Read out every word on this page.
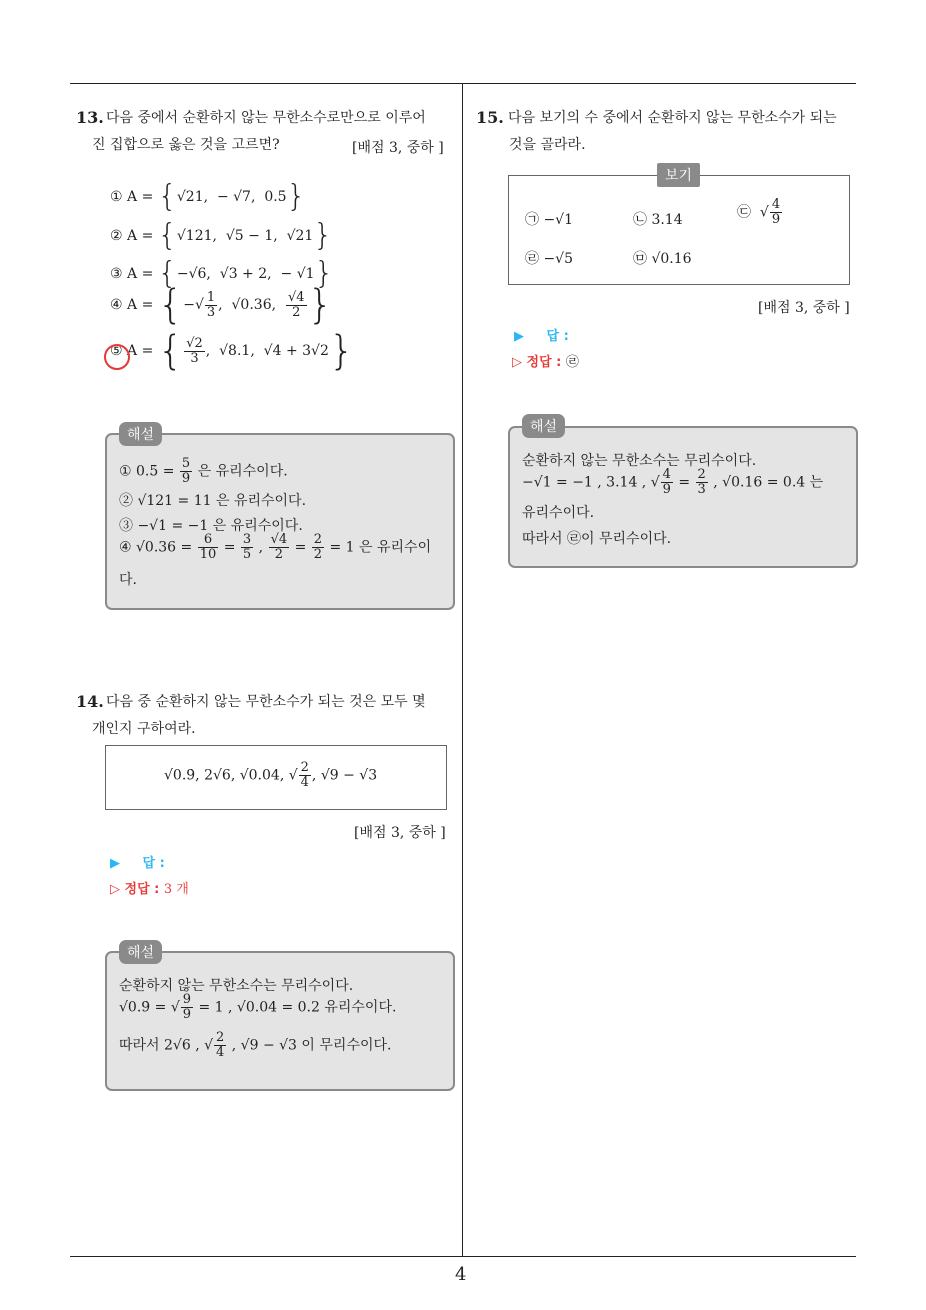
4
13. 다음 중에서 순환하지 않는 무한소수로만으로 이루어
진 집합으로 옳은 것을 고르면?	[배점 3, 중하 ]
① A = {√21, − √7, 0.5̇}
② A = {√121, √5 − 1, √21}
③ A = {−√6, √3 + 2, − √1}
④ A = {−√ $\frac{1}{3}$ ,  √0.36, $\frac{√4}{2}$ }
⑤ A = { $\frac{√2}{3}$ ,  √8.1,  √4 + 3√2}
① 0.5̇ = $\frac{5}{9}$ 은 유리수이다.
② √121 = 11 은 유리수이다.
③ −√1 = −1 은 유리수이다.
④ $√0.36 = \frac{6}{10} = \frac{3}{5}$ , $\frac{√4}{2} = \frac{2}{2} = 1$ 은 유리수이
다.
해설
14. 다음 중 순환하지 않는 무한소수가 되는 것은 모두 몇
개인지 구하여라.
√0.9̇, 2√6, √0.04, √ $\frac{2}{4}$ , √9 − √3
[배점 3, 중하 ]
▶ 답 :
▷ 정답 : 3 개
순환하지 않는 무한소수는 무리수이다.
√0.9̇ = √ $\frac{9}{9} = 1$ , √0.04 = 0.2 유리수이다.
따라서 2√6 , √ $\frac{2}{4}$ , √9 − √3 이 무리수이다.
해설
15. 다음 보기의 수 중에서 순환하지 않는 무한소수가 되는
것을 골라라.
㉠ −√1	㉡ 3.14	㉢  √ $\frac{4}{9}$
㉣ −√5	㉤ √0.16
보기
[배점 3, 중하 ]
▶ 답 :
▷ 정답 : ㉣
순환하지 않는 무한소수는 무리수이다.
−√1 = −1 , 3.14 , √ $\frac{4}{9} = \frac{2}{3}$ , √0.16 = 0.4 는
유리수이다.
따라서 ㉣이 무리수이다.
해설
